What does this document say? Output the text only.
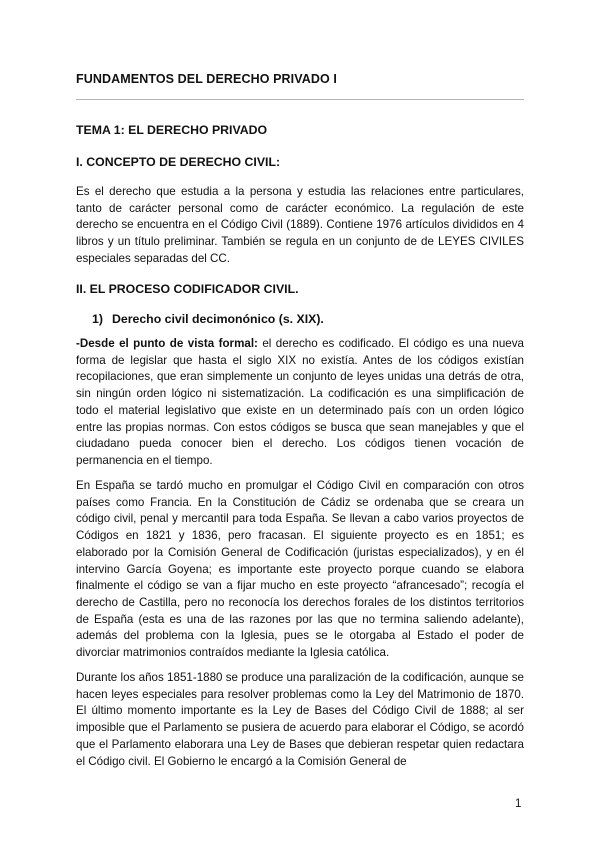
FUNDAMENTOS DEL DERECHO PRIVADO I
TEMA 1: EL DERECHO PRIVADO
I. CONCEPTO DE DERECHO CIVIL:

Es el derecho que estudia a la persona y estudia las relaciones entre particulares, tanto de carácter personal como de carácter económico. La regulación de este derecho se encuentra en el Código Civil (1889). Contiene 1976 artículos divididos en 4 libros y un título preliminar. También se regula en un conjunto de de LEYES CIVILES especiales separadas del CC.

II. EL PROCESO CODIFICADOR CIVIL.
1) Derecho civil decimonónico (s. XIX).

-Desde el punto de vista formal: el derecho es codificado. El código es una nueva forma de legislar que hasta el siglo XIX no existía. Antes de los códigos existían recopilaciones, que eran simplemente un conjunto de leyes unidas una detrás de otra, sin ningún orden lógico ni sistematización. La codificación es una simplificación de todo el material legislativo que existe en un determinado país con un orden lógico entre las propias normas. Con estos códigos se busca que sean manejables y que el ciudadano pueda conocer bien el derecho. Los códigos tienen vocación de permanencia en el tiempo.

En España se tardó mucho en promulgar el Código Civil en comparación con otros países como Francia. En la Constitución de Cádiz se ordenaba que se creara un código civil, penal y mercantil para toda España. Se llevan a cabo varios proyectos de Códigos en 1821 y 1836, pero fracasan. El siguiente proyecto es en 1851; es elaborado por la Comisión General de Codificación (juristas especializados), y en él intervino García Goyena; es importante este proyecto porque cuando se elabora finalmente el código se van a fijar mucho en este proyecto “afrancesado”; recogía el derecho de Castilla, pero no reconocía los derechos forales de los distintos territorios de España (esta es una de las razones por las que no termina saliendo adelante), además del problema con la Iglesia, pues se le otorgaba al Estado el poder de divorciar matrimonios contraídos mediante la Iglesia católica.

Durante los años 1851-1880 se produce una paralización de la codificación, aunque se hacen leyes especiales para resolver problemas como la Ley del Matrimonio de 1870. El último momento importante es la Ley de Bases del Código Civil de 1888; al ser imposible que el Parlamento se pusiera de acuerdo para elaborar el Código, se acordó que el Parlamento elaborara una Ley de Bases que debieran respetar quien redactara el Código civil. El Gobierno le encargó a la Comisión General de

1
